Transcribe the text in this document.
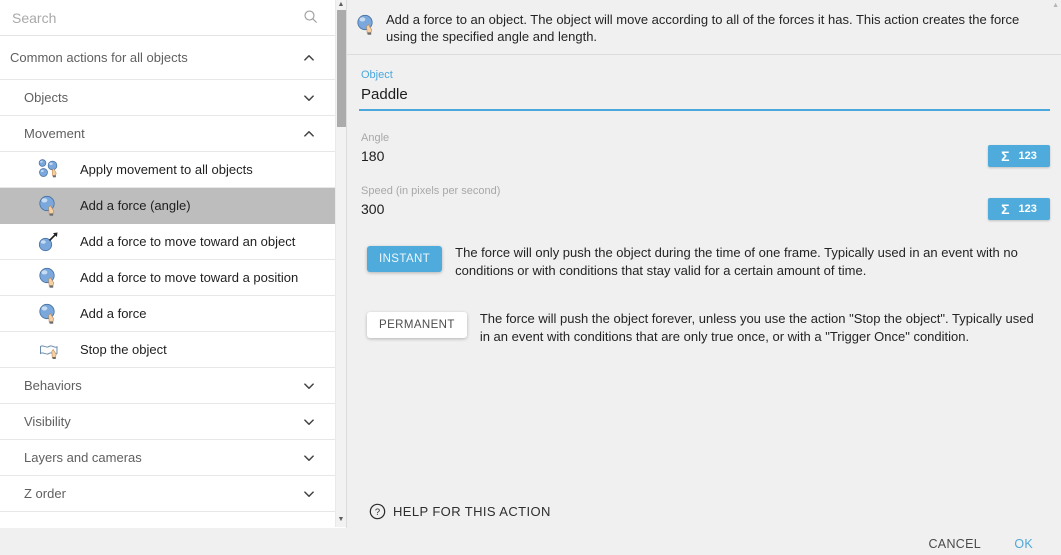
Search
Common actions for all objects
Objects
Movement
Apply movement to all objects
Add a force (angle)
Add a force to move toward an object
Add a force to move toward a position
Add a force
Stop the object
Behaviors
Visibility
Layers and cameras
Z order
▲
▼
▲
Add a force to an object. The object will move according to all of the forces it has. This action creates the force using the specified angle and length.
Object
Paddle
Angle
180	Σ 123
Speed (in pixels per second)
300	Σ 123
INSTANT	The force will only push the object during the time of one frame. Typically used in an event with no conditions or with conditions that stay valid for a certain amount of time.
PERMANENT	The force will push the object forever, unless you use the action "Stop the object". Typically used in an event with conditions that are only true once, or with a "Trigger Once" condition.
? HELP FOR THIS ACTION
CANCEL	OK
